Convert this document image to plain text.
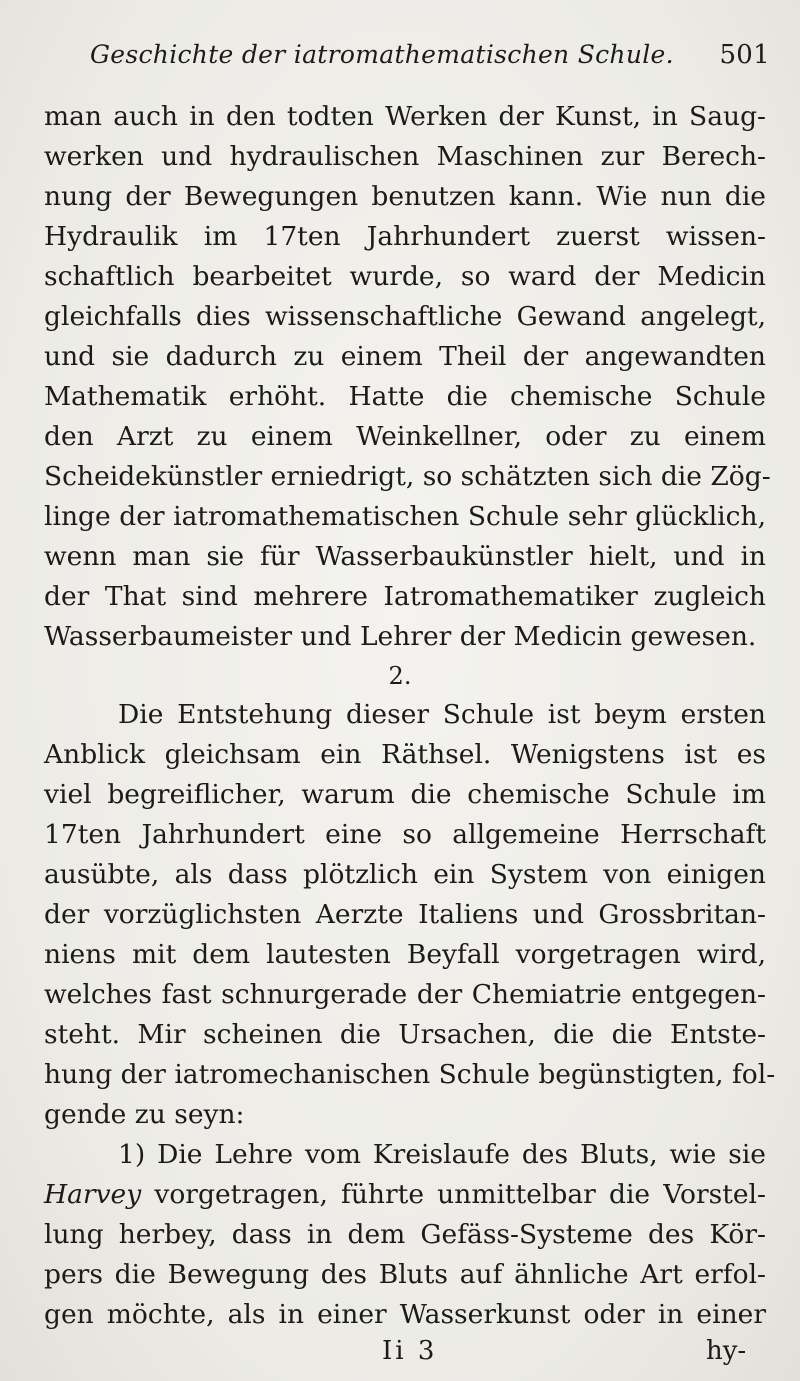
Geschichte der iatromathematischen Schule. 501
man auch in den todten Werken der Kunst, in Saug-
werken und hydraulischen Maschinen zur Berech-
nung der Bewegungen benutzen kann. Wie nun die
Hydraulik im 17ten Jahrhundert zuerst wissen-
schaftlich bearbeitet wurde, so ward der Medicin
gleichfalls dies wissenschaftliche Gewand angelegt,
und sie dadurch zu einem Theil der angewandten
Mathematik erhöht. Hatte die chemische Schule
den Arzt zu einem Weinkellner, oder zu einem
Scheidekünstler erniedrigt, so schätzten sich die Zög-
linge der iatromathematischen Schule sehr glücklich,
wenn man sie für Wasserbaukünstler hielt, und in
der That sind mehrere Iatromathematiker zugleich
Wasserbaumeister und Lehrer der Medicin gewesen.
2.
Die Entstehung dieser Schule ist beym ersten
Anblick gleichsam ein Räthsel. Wenigstens ist es
viel begreiflicher, warum die chemische Schule im
17ten Jahrhundert eine so allgemeine Herrschaft
ausübte, als dass plötzlich ein System von einigen
der vorzüglichsten Aerzte Italiens und Grossbritan-
niens mit dem lautesten Beyfall vorgetragen wird,
welches fast schnurgerade der Chemiatrie entgegen-
steht. Mir scheinen die Ursachen, die die Entste-
hung der iatromechanischen Schule begünstigten, fol-
gende zu seyn:
1) Die Lehre vom Kreislaufe des Bluts, wie sie
Harvey vorgetragen, führte unmittelbar die Vorstel-
lung herbey, dass in dem Gefäss-Systeme des Kör-
pers die Bewegung des Bluts auf ähnliche Art erfol-
gen möchte, als in einer Wasserkunst oder in einer
Ii 3	hy-
